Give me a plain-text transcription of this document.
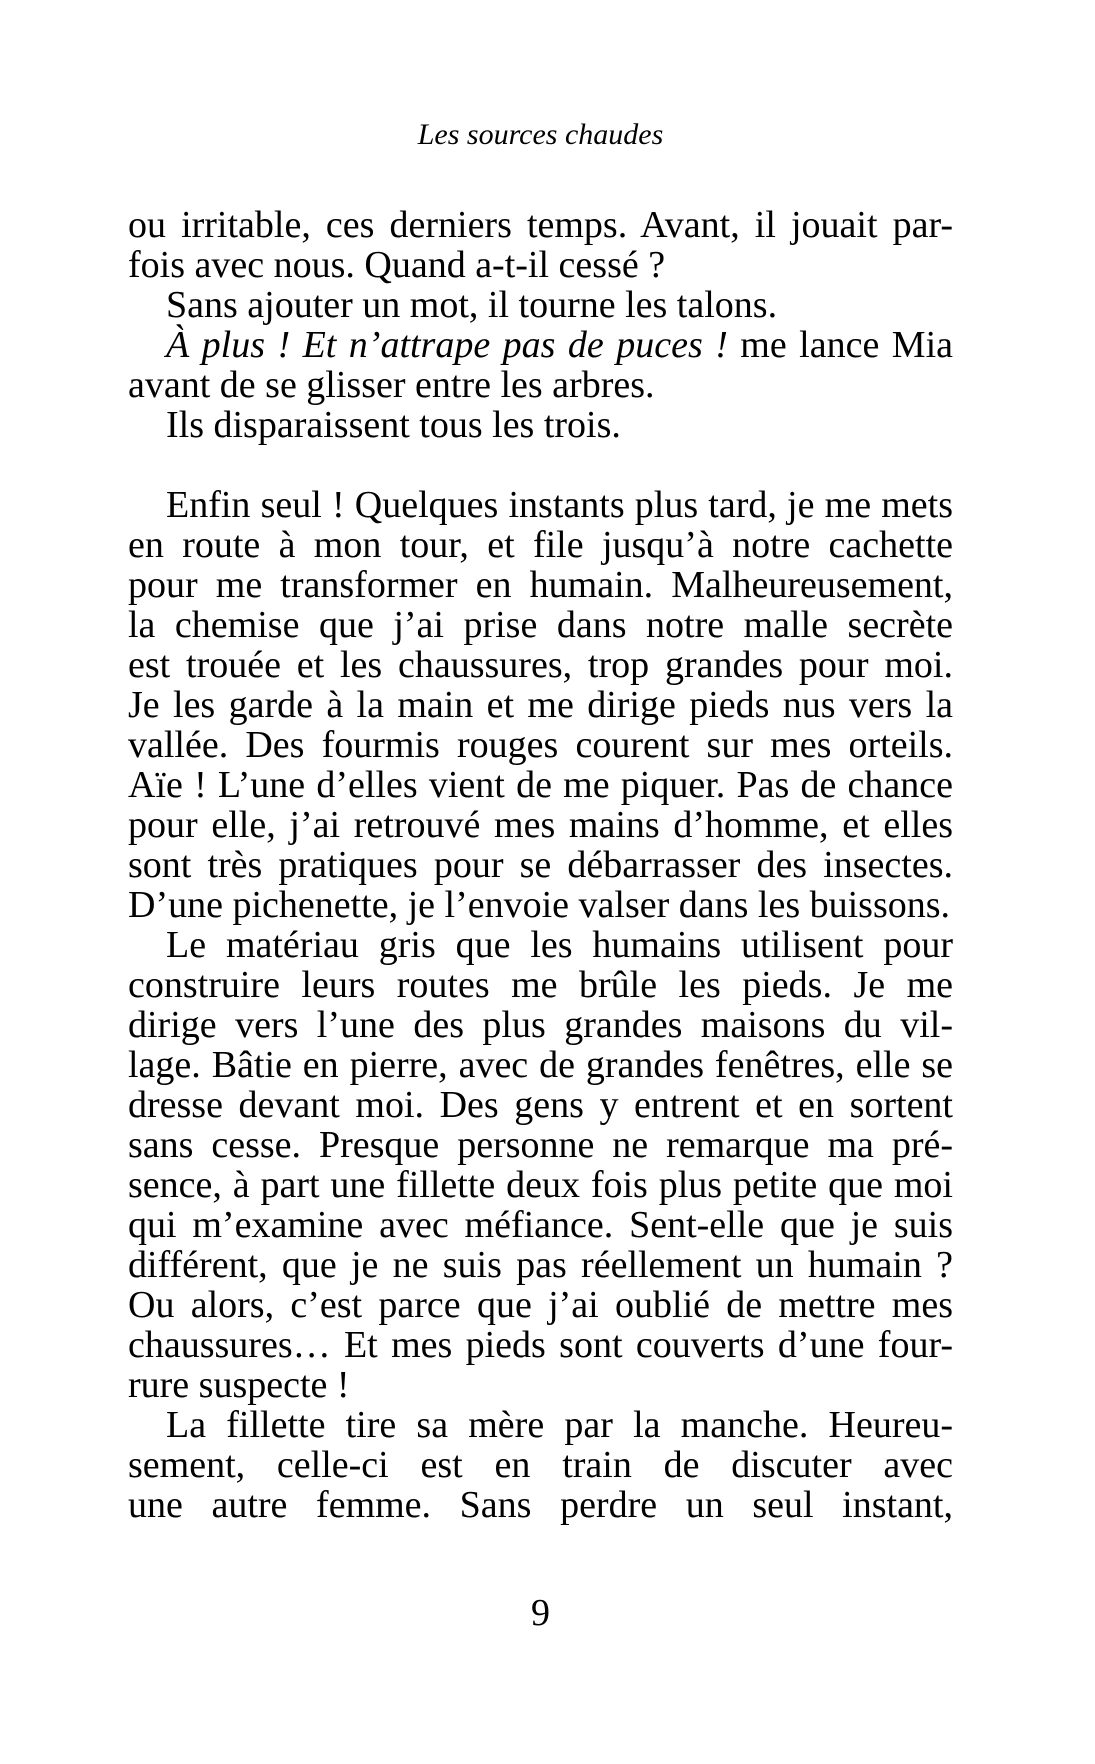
Les sources chaudes
ou irritable, ces derniers temps. Avant, il jouait par-
fois avec nous. Quand a-t-il cessé ?
Sans ajouter un mot, il tourne les talons.
À plus ! Et n’attrape pas de puces ! me lance Mia
avant de se glisser entre les arbres.
Ils disparaissent tous les trois.
Enfin seul ! Quelques instants plus tard, je me mets
en route à mon tour, et file jusqu’à notre cachette
pour me transformer en humain. Malheureusement,
la chemise que j’ai prise dans notre malle secrète
est trouée et les chaussures, trop grandes pour moi.
Je les garde à la main et me dirige pieds nus vers la
vallée. Des fourmis rouges courent sur mes orteils.
Aïe ! L’une d’elles vient de me piquer. Pas de chance
pour elle, j’ai retrouvé mes mains d’homme, et elles
sont très pratiques pour se débarrasser des insectes.
D’une pichenette, je l’envoie valser dans les buissons.
Le matériau gris que les humains utilisent pour
construire leurs routes me brûle les pieds. Je me
dirige vers l’une des plus grandes maisons du vil-
lage. Bâtie en pierre, avec de grandes fenêtres, elle se
dresse devant moi. Des gens y entrent et en sortent
sans cesse. Presque personne ne remarque ma pré-
sence, à part une fillette deux fois plus petite que moi
qui m’examine avec méfiance. Sent-elle que je suis
différent, que je ne suis pas réellement un humain ?
Ou alors, c’est parce que j’ai oublié de mettre mes
chaussures… Et mes pieds sont couverts d’une four-
rure suspecte !
La fillette tire sa mère par la manche. Heureu-
sement, celle-ci est en train de discuter avec
une autre femme. Sans perdre un seul instant,
9
